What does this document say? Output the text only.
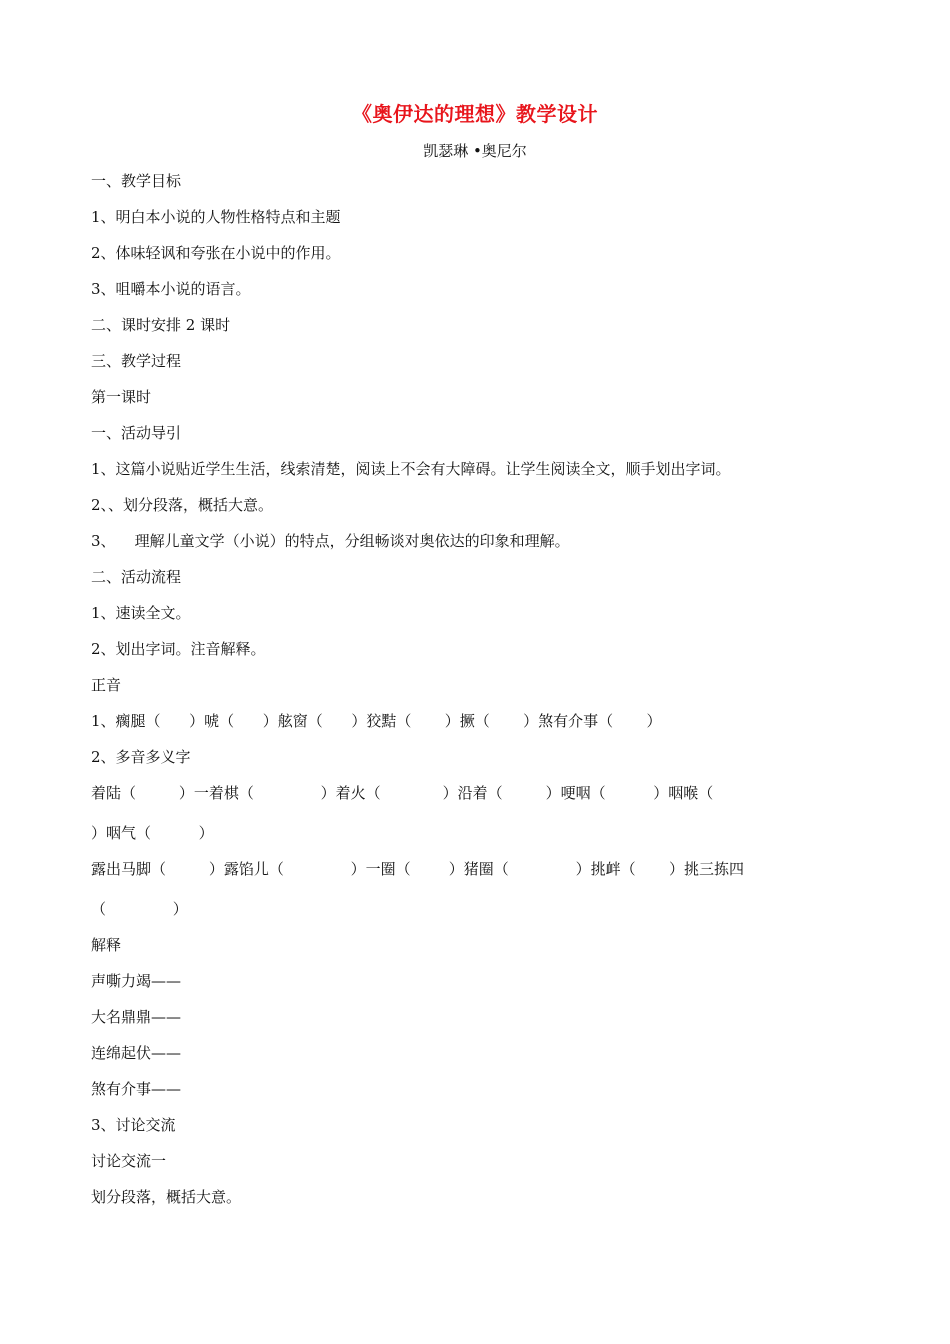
《奥伊达的理想》教学设计
凯瑟琳 •奥尼尔
一、教学目标
1、明白本小说的人物性格特点和主题
2、体味轻讽和夸张在小说中的作用。
3、咀嚼本小说的语言。
二、课时安排 2 课时
三、教学过程
第一课时
一、活动导引
1、这篇小说贴近学生生活，线索清楚，阅读上不会有大障碍。让学生阅读全文，顺手划出字词。
2、、划分段落，概括大意。
3、    理解儿童文学（小说）的特点，分组畅谈对奥依达的印象和理解。
二、活动流程
1、速读全文。
2、划出字词。注音解释。
正音
1、瘸腿（      ）唬（      ）舷窗（      ）狡黠（       ）撅（       ）煞有介事（       ）
2、多音多义字
着陆（         ）一着棋（              ）着火（             ）沿着（         ）哽咽（          ）咽喉（
）咽气（          ）
露出马脚（         ）露馅儿（              ）一圈（        ）猪圈（              ）挑衅（       ）挑三拣四
（              ）
解释
声嘶力竭——
大名鼎鼎——
连绵起伏——
煞有介事——
3、讨论交流
讨论交流一
划分段落，概括大意。
